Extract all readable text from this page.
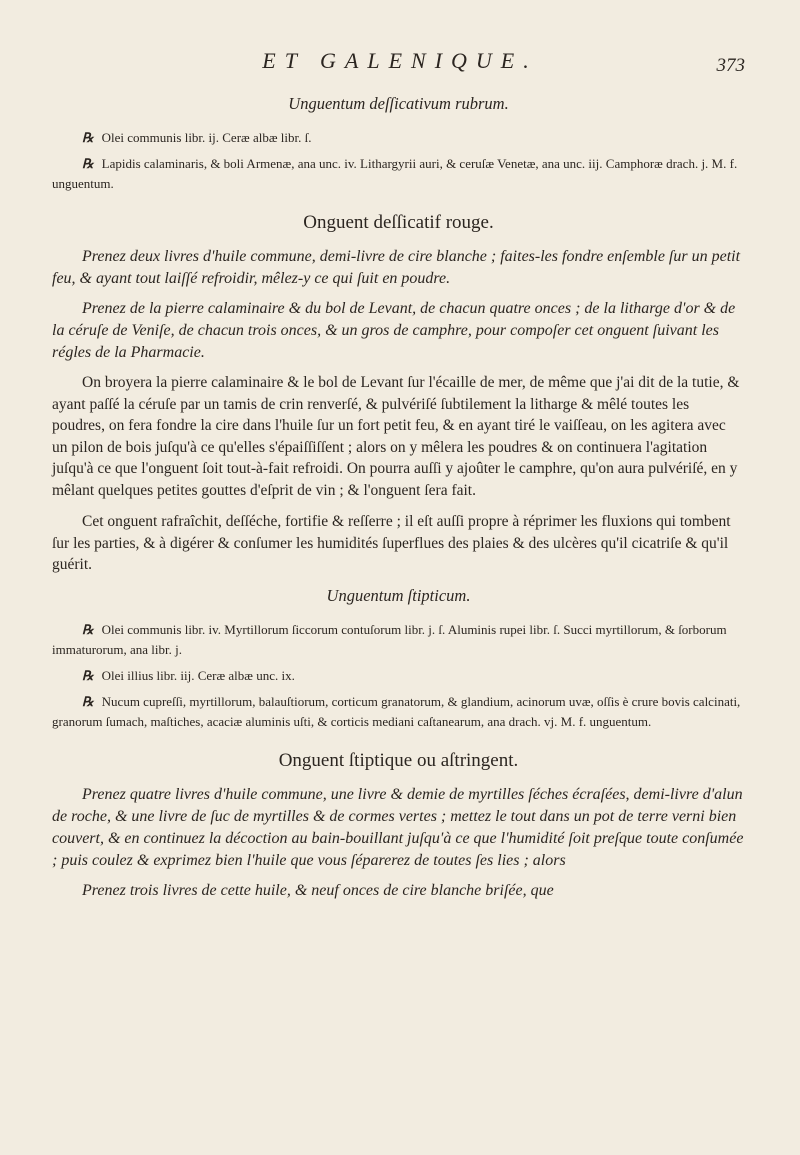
ET GALENIQUE.	373
Unguentum deſſicativum rubrum.

℞ Olei communis libr. ij. Ceræ albæ libr. ſ.

℞ Lapidis calaminaris, & boli Armenæ, ana unc. iv. Lithargyrii auri, & ceruſæ Venetæ, ana unc. iij. Camphoræ drach. j. M. f. unguentum.

Onguent deſſicatif rouge.

Prenez deux livres d'huile commune, demi-livre de cire blanche ; faites-les fondre enſemble ſur un petit feu, & ayant tout laiſſé refroidir, mêlez-y ce qui ſuit en poudre.

Prenez de la pierre calaminaire & du bol de Levant, de chacun quatre onces ; de la litharge d'or & de la céruſe de Veniſe, de chacun trois onces, & un gros de camphre, pour compoſer cet onguent ſuivant les régles de la Pharmacie.

On broyera la pierre calaminaire & le bol de Levant ſur l'écaille de mer, de même que j'ai dit de la tutie, & ayant paſſé la céruſe par un tamis de crin renverſé, & pulvériſé ſubtilement la litharge & mêlé toutes les poudres, on fera fondre la cire dans l'huile ſur un fort petit feu, & en ayant tiré le vaiſſeau, on les agitera avec un pilon de bois juſqu'à ce qu'elles s'épaiſſiſſent ; alors on y mêlera les poudres & on continuera l'agitation juſqu'à ce que l'onguent ſoit tout-à-fait refroidi. On pourra auſſi y ajoûter le camphre, qu'on aura pulvériſé, en y mêlant quelques petites gouttes d'eſprit de vin ; & l'onguent ſera fait.

Cet onguent rafraîchit, deſſéche, fortifie & reſſerre ; il eſt auſſi propre à réprimer les fluxions qui tombent ſur les parties, & à digérer & conſumer les humidités ſuperflues des plaies & des ulcères qu'il cicatriſe & qu'il guérit.

Unguentum ſtipticum.

℞ Olei communis libr. iv. Myrtillorum ſiccorum contuſorum libr. j. ſ. Aluminis rupei libr. ſ. Succi myrtillorum, & ſorborum immaturorum, ana libr. j.

℞ Olei illius libr. iij. Ceræ albæ unc. ix.

℞ Nucum cupreſſi, myrtillorum, balauſtiorum, corticum granatorum, & glandium, acinorum uvæ, oſſis è crure bovis calcinati, granorum ſumach, maſtiches, acaciæ aluminis uſti, & corticis mediani caſtanearum, ana drach. vj. M. f. unguentum.

Onguent ſtiptique ou aſtringent.

Prenez quatre livres d'huile commune, une livre & demie de myrtilles ſéches écraſées, demi-livre d'alun de roche, & une livre de ſuc de myrtilles & de cormes vertes ; mettez le tout dans un pot de terre verni bien couvert, & en continuez la décoction au bain-bouillant juſqu'à ce que l'humidité ſoit preſque toute conſumée ; puis coulez & exprimez bien l'huile que vous ſéparerez de toutes ſes lies ; alors

Prenez trois livres de cette huile, & neuf onces de cire blanche briſée, que
